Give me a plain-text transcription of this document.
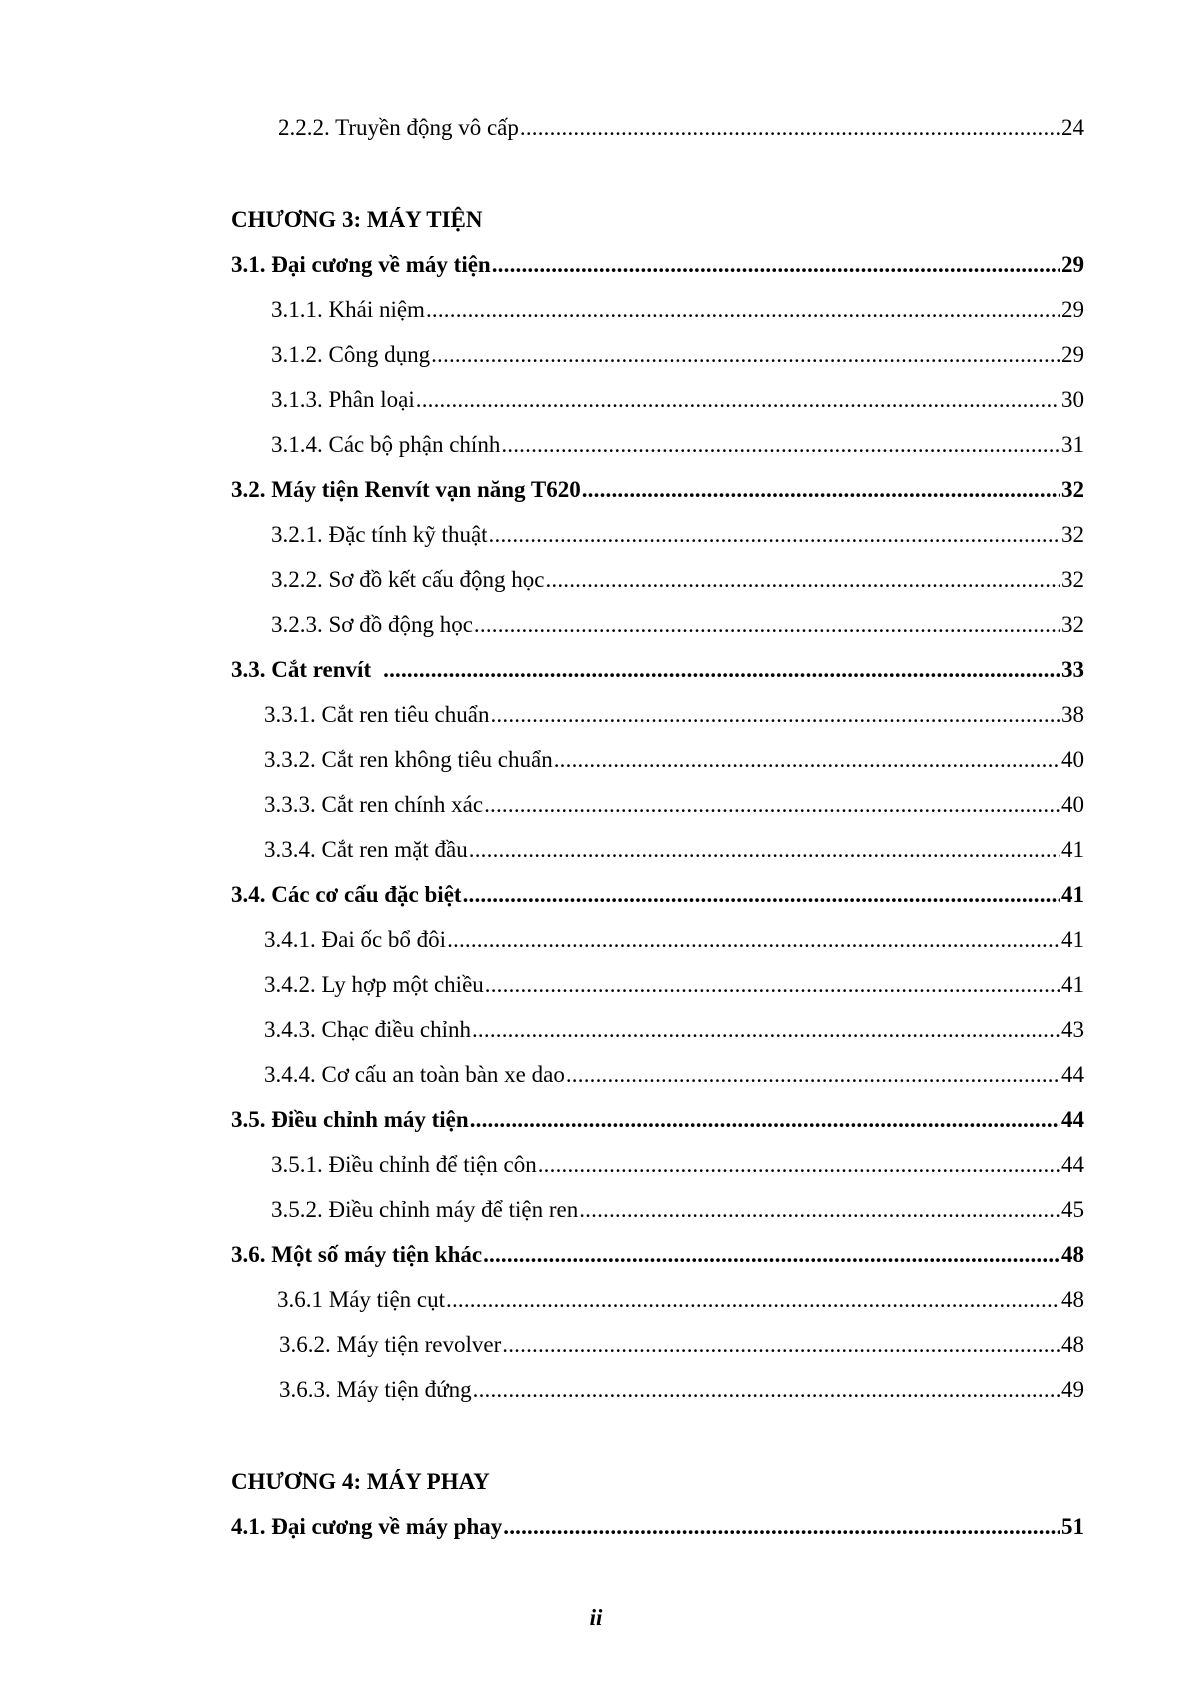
2.2.2. Truyền động vô cấp .....	24
CHƯƠNG 3: MÁY TIỆN
3.1. Đại cương về máy tiện .....	29
3.1.1. Khái niệm .....	29
3.1.2. Công dụng .....	29
3.1.3. Phân loại .....	30
3.1.4. Các bộ phận chính .....	31
3.2. Máy tiện Renvít vạn năng T620 .....	32
3.2.1. Đặc tính kỹ thuật .....	32
3.2.2. Sơ đồ kết cấu động học .....	32
3.2.3. Sơ đồ động học .....	32
3.3. Cắt renvít .....	33
3.3.1. Cắt ren tiêu chuẩn .....	38
3.3.2. Cắt ren không tiêu chuẩn .....	40
3.3.3. Cắt ren chính xác .....	40
3.3.4. Cắt ren mặt đầu .....	41
3.4. Các cơ cấu đặc biệt .....	41
3.4.1. Đai ốc bổ đôi .....	41
3.4.2. Ly hợp một chiều .....	41
3.4.3. Chạc điều chỉnh .....	43
3.4.4. Cơ cấu an toàn bàn xe dao .....	44
3.5. Điều chỉnh máy tiện .....	44
3.5.1. Điều chỉnh để tiện côn .....	44
3.5.2. Điều chỉnh máy để tiện ren .....	45
3.6. Một số máy tiện khác .....	48
3.6.1 Máy tiện cụt .....	48
3.6.2. Máy tiện revolver .....	48
3.6.3. Máy tiện đứng .....	49
CHƯƠNG 4: MÁY PHAY
4.1. Đại cương về máy phay .....	51
ii
